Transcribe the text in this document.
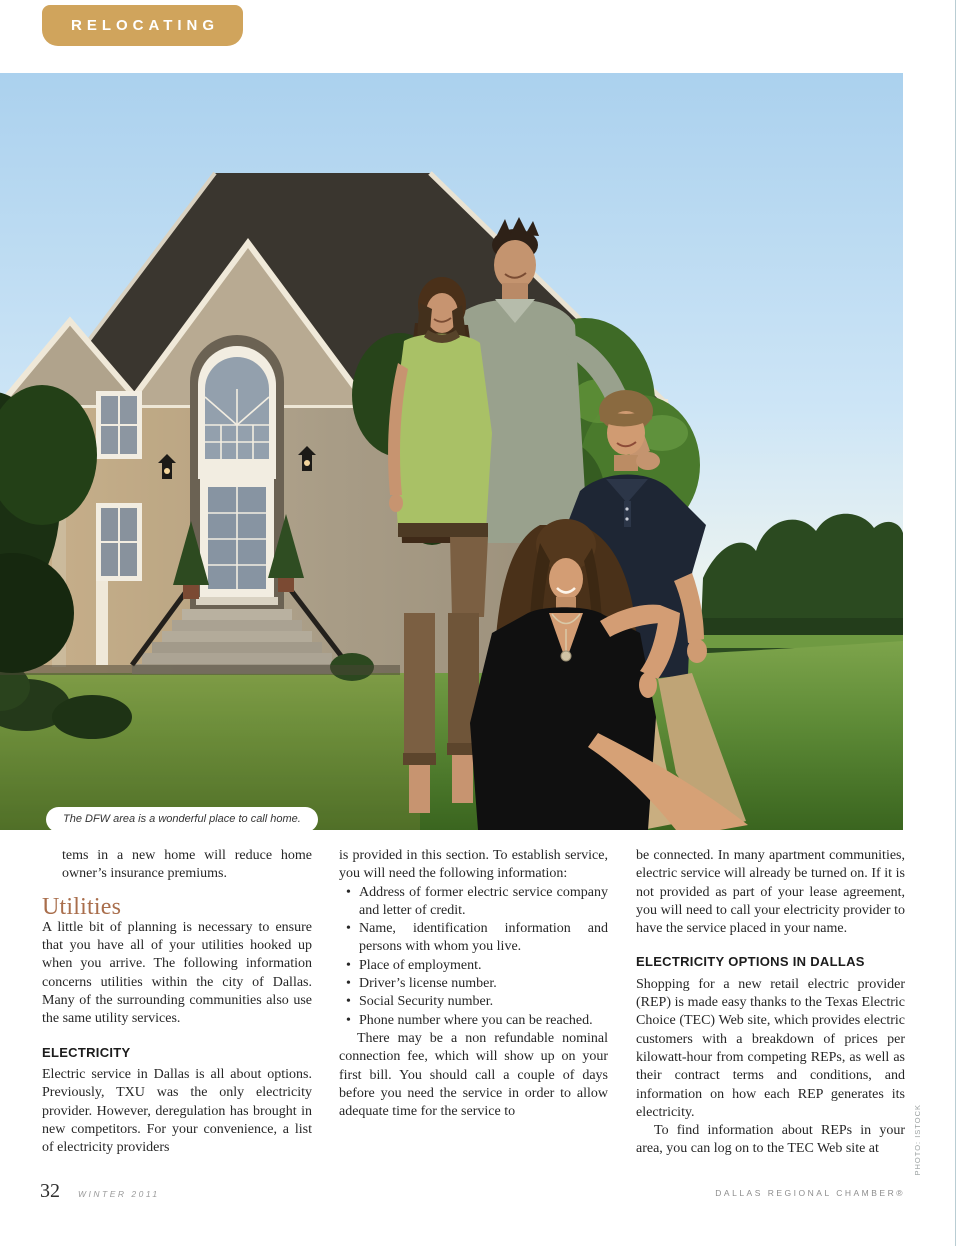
RELOCATING
The DFW area is a wonderful place to call home.

tems in a new home will reduce home owner’s insurance premiums.

Utilities

A little bit of planning is necessary to ensure that you have all of your utilities hooked up when you arrive. The following information concerns utilities within the city of Dallas. Many of the surrounding communities also use the same utility services.

ELECTRICITY

Electric service in Dallas is all about options. Previously, TXU was the only electricity provider. However, deregulation has brought in new competitors. For your convenience, a list of electricity providers

is provided in this section. To establish service, you will need the following information:

• Address of former electric service company and letter of credit.
• Name, identification information and persons with whom you live.
• Place of employment.
• Driver’s license number.
• Social Security number.
• Phone number where you can be reached.

There may be a non refundable nominal connection fee, which will show up on your first bill. You should call a couple of days before you need the service in order to allow adequate time for the service to

be connected. In many apartment communities, electric service will already be turned on. If it is not provided as part of your lease agreement, you will need to call your electricity provider to have the service placed in your name.

ELECTRICITY OPTIONS IN DALLAS

Shopping for a new retail electric provider (REP) is made easy thanks to the Texas Electric Choice (TEC) Web site, which provides electric customers with a breakdown of prices per kilowatt-hour from competing REPs, as well as their contract terms and conditions, and information on how each REP generates its electricity.

To find information about REPs in your area, you can log on to the TEC Web site at	PHOTO: ISTOCK
32 WINTER 2011	DALLAS REGIONAL CHAMBER®
